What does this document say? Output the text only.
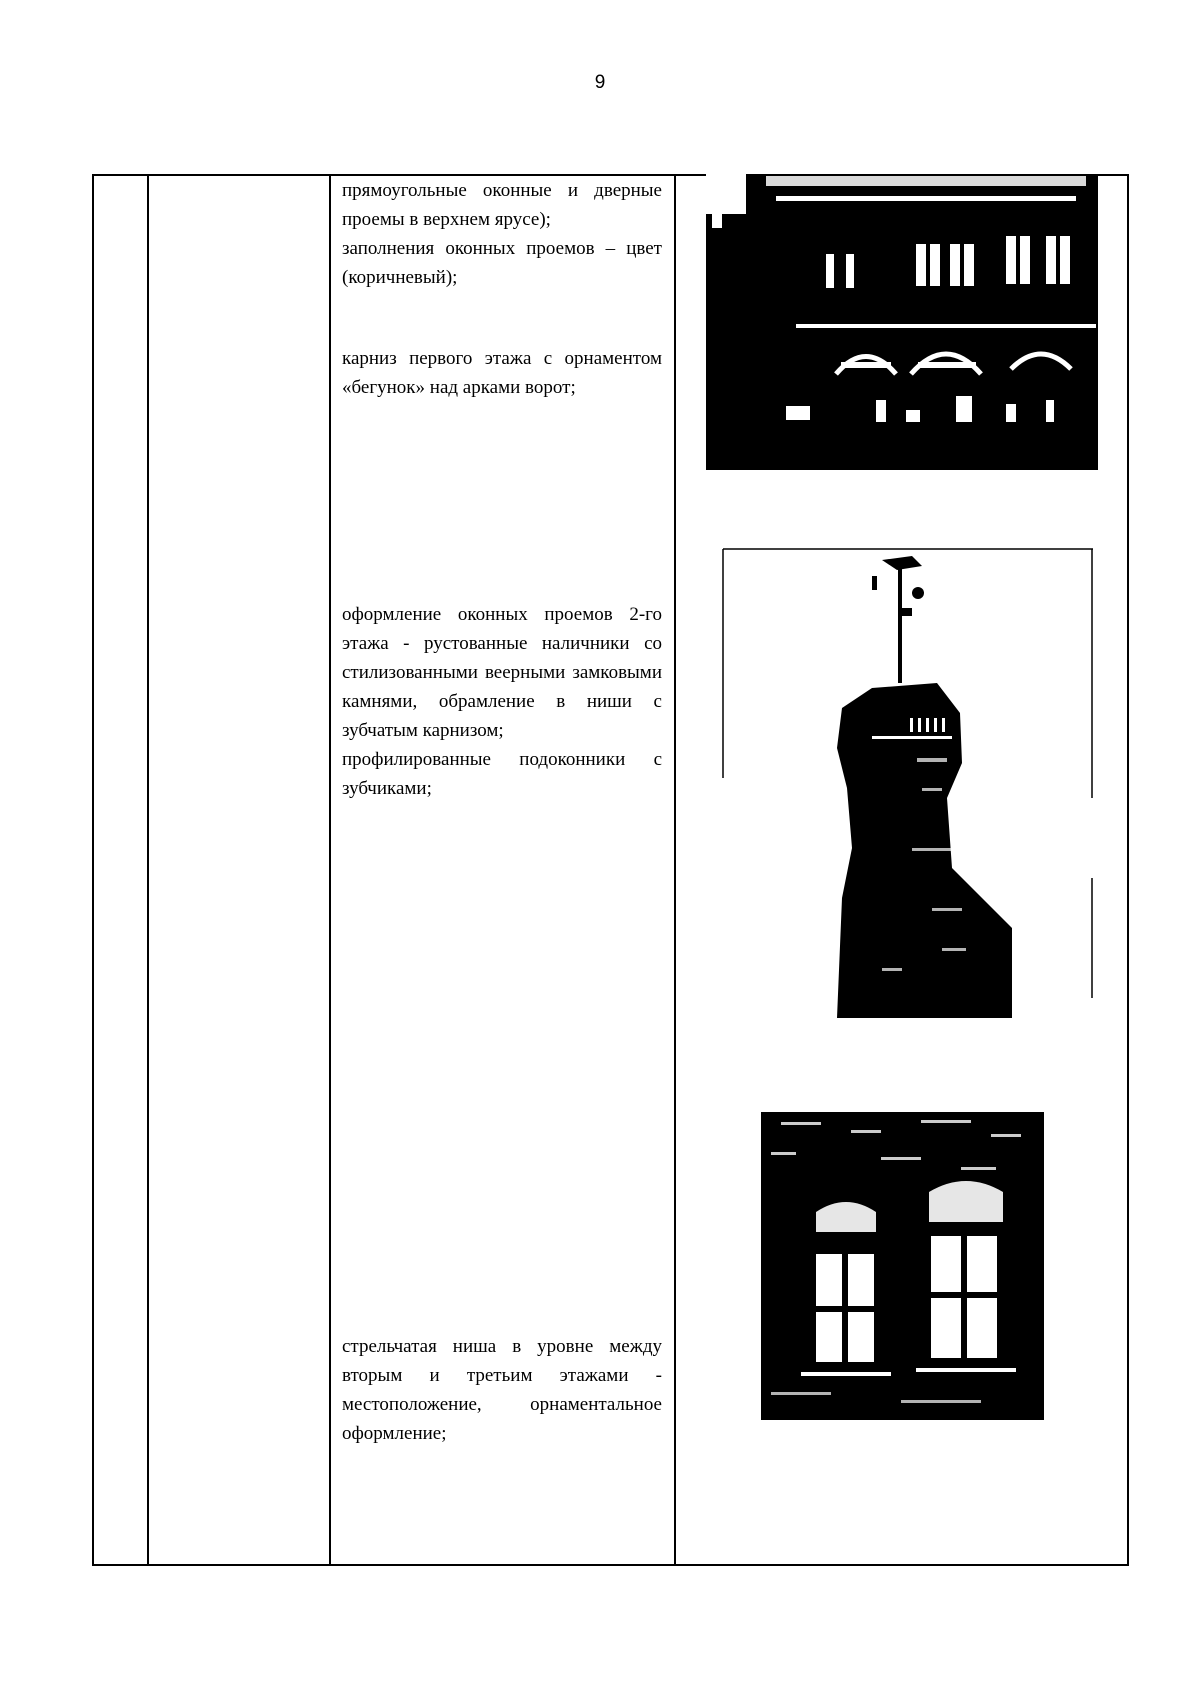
9

прямоугольные оконные и дверные проемы в верхнем ярусе);

заполнения оконных проемов – цвет (коричневый);

карниз первого этажа с орнаментом «бегунок» над арками ворот;

оформление оконных проемов 2-го этажа - рустованные наличники со стилизованными веерными замковыми камнями, обрамление в ниши с зубчатым карнизом;

профилированные подоконники с зубчиками;

стрельчатая ниша в уровне между вторым и третьим этажами - местоположение, орнаментальное оформление;
